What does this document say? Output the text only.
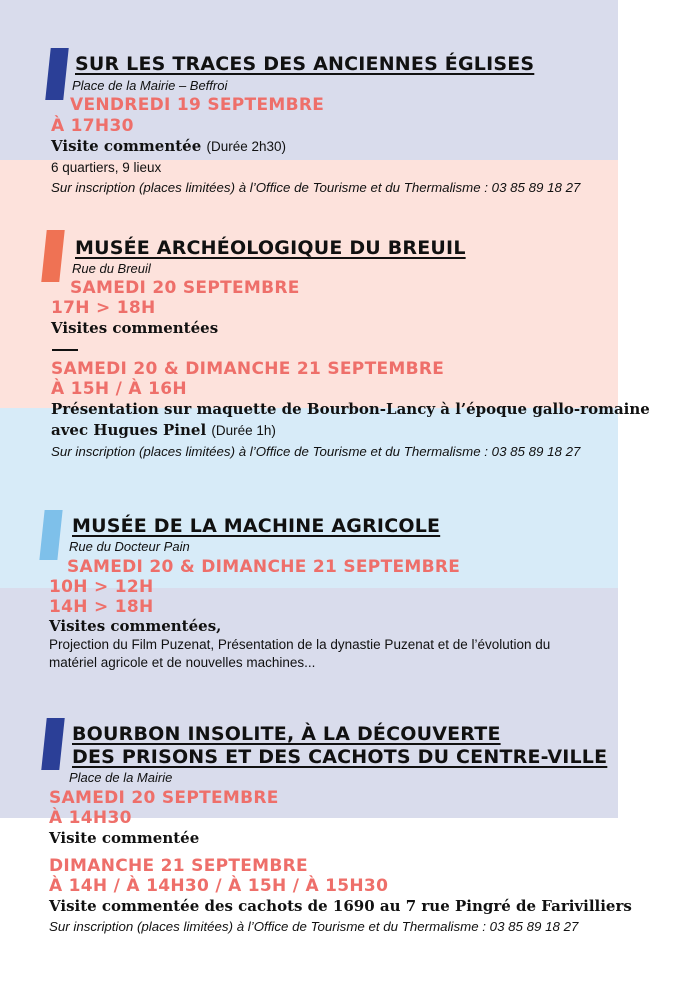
SUR LES TRACES DES ANCIENNES ÉGLISES
Place de la Mairie – Beffroi
VENDREDI 19 SEPTEMBRE
À 17H30
Visite commentée (Durée 2h30)
6 quartiers, 9 lieux
Sur inscription (places limitées) à l’Office de Tourisme et du Thermalisme : 03 85 89 18 27
MUSÉE ARCHÉOLOGIQUE DU BREUIL
Rue du Breuil
SAMEDI 20 SEPTEMBRE
17H > 18H
Visites commentées
SAMEDI 20 & DIMANCHE 21 SEPTEMBRE
À 15H / À 16H
Présentation sur maquette de Bourbon-Lancy à l’époque gallo-romaine
avec Hugues Pinel (Durée 1h)
Sur inscription (places limitées) à l’Office de Tourisme et du Thermalisme : 03 85 89 18 27
MUSÉE DE LA MACHINE AGRICOLE
Rue du Docteur Pain
SAMEDI 20 & DIMANCHE 21 SEPTEMBRE
10H > 12H
14H > 18H
Visites commentées,
Projection du Film Puzenat, Présentation de la dynastie Puzenat et de l’évolution du
matériel agricole et de nouvelles machines...
BOURBON INSOLITE, À LA DÉCOUVERTE
DES PRISONS ET DES CACHOTS DU CENTRE-VILLE
Place de la Mairie
SAMEDI 20 SEPTEMBRE
À 14H30
Visite commentée
DIMANCHE 21 SEPTEMBRE
À 14H / À 14H30 / À 15H / À 15H30
Visite commentée des cachots de 1690 au 7 rue Pingré de Farivilliers
Sur inscription (places limitées) à l’Office de Tourisme et du Thermalisme : 03 85 89 18 27
